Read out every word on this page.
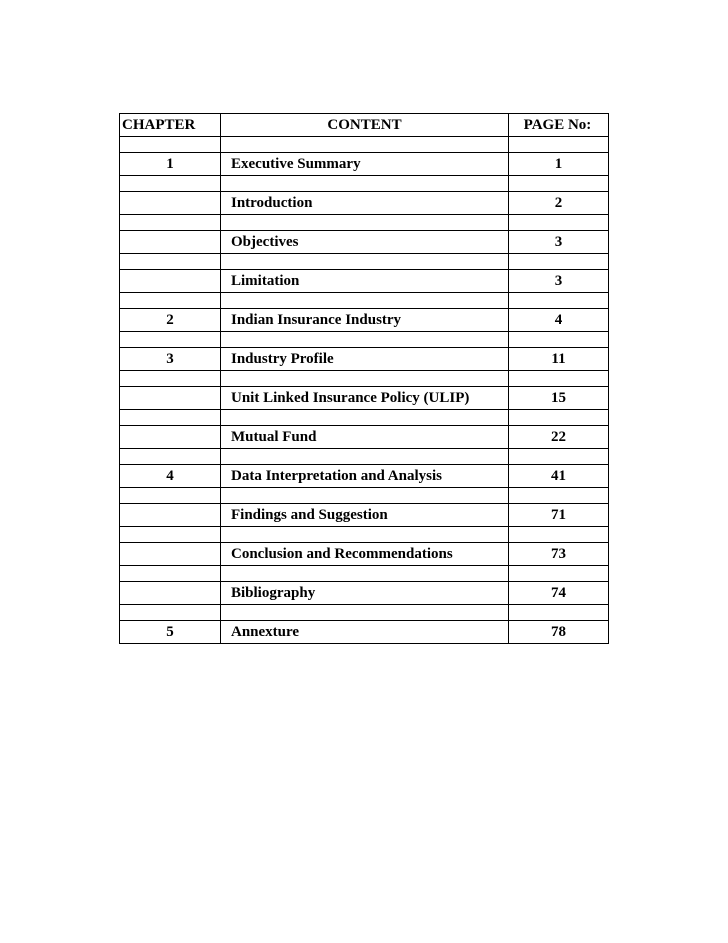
CHAPTER	CONTENT	PAGE No:

1	Executive Summary	1

	Introduction	2

	Objectives	3

	Limitation	3

2	Indian Insurance Industry	4

3	Industry Profile	11

	Unit Linked Insurance Policy (ULIP)	15

	Mutual Fund	22

4	Data Interpretation and Analysis	41

	Findings and Suggestion	71

	Conclusion and Recommendations	73

	Bibliography	74

5	Annexture	78
